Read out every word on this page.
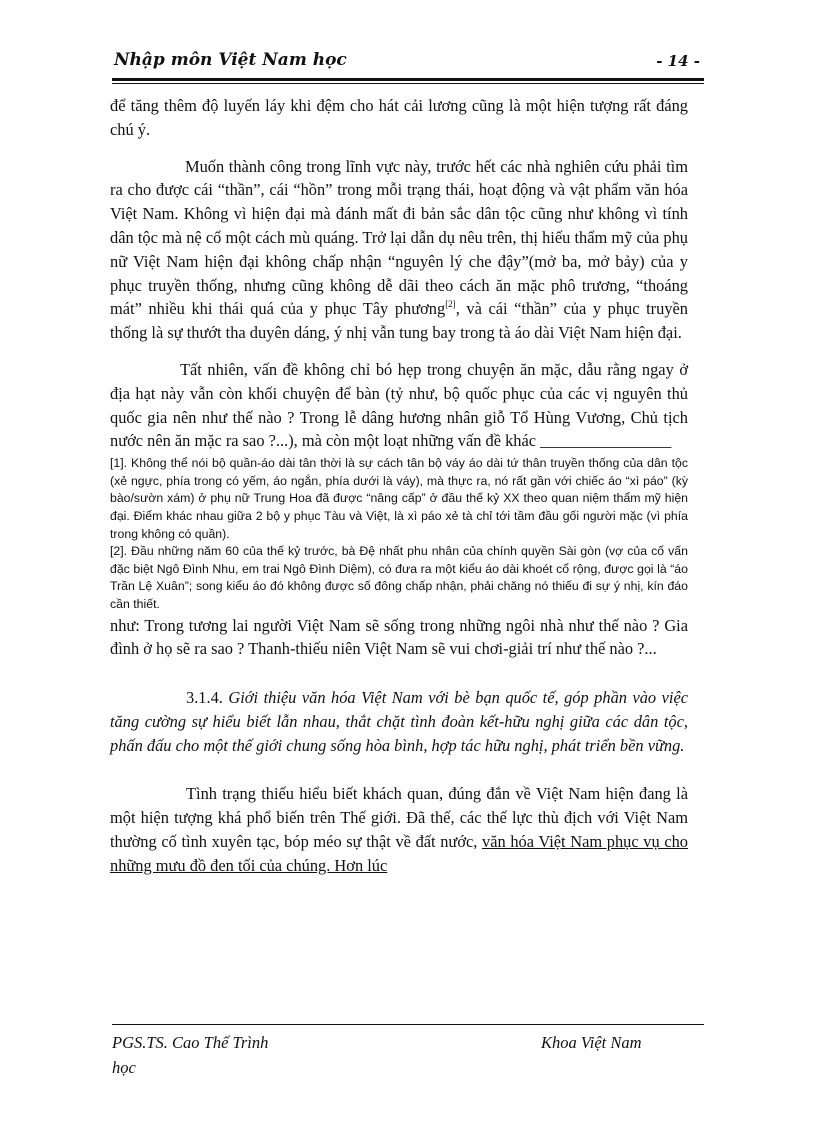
Nhập môn Việt Nam học	- 14 -

để tăng thêm độ luyến láy khi đệm cho hát cải lương cũng là một hiện tượng rất đáng chú ý.

Muốn thành công trong lĩnh vực này, trước hết các nhà nghiên cứu phải tìm ra cho được cái “thần”, cái “hồn” trong mỗi trạng thái, hoạt động và vật phẩm văn hóa Việt Nam. Không vì hiện đại mà đánh mất đi bản sắc dân tộc cũng như không vì tính dân tộc mà nệ cổ một cách mù quáng. Trở lại dẫn dụ nêu trên, thị hiếu thẩm mỹ của phụ nữ Việt Nam hiện đại không chấp nhận “nguyên lý che đậy”(mở ba, mở bảy) của y phục truyền thống, nhưng cũng không dễ dãi theo cách ăn mặc phô trương, “thoáng mát” nhiều khi thái quá của y phục Tây phương[2], và cái “thần” của y phục truyền thống là sự thướt tha duyên dáng, ý nhị vẫn tung bay trong tà áo dài Việt Nam hiện đại.

Tất nhiên, vấn đề không chỉ bó hẹp trong chuyện ăn mặc, dẫu rằng ngay ở địa hạt này vẫn còn khối chuyện để bàn (tỷ như, bộ quốc phục của các vị nguyên thủ quốc gia nên như thế nào ? Trong lễ dâng hương nhân giỗ Tổ Hùng Vương, Chủ tịch nước nên ăn mặc ra sao ?...), mà còn một loạt những vấn đề khác ________________

[1]. Không thể nói bộ quần-áo dài tân thời là sự cách tân bộ váy áo dài tứ thân truyền thống của dân tộc (xẻ ngực, phía trong có yếm, áo ngắn, phía dưới là váy), mà thực ra, nó rất gần với chiếc áo “xì páo” (kỳ bào/sườn xám) ở phụ nữ Trung Hoa đã được “nâng cấp” ở đầu thế kỷ XX theo quan niệm thẩm mỹ hiện đại. Điểm khác nhau giữa 2 bộ y phục Tàu và Việt, là xì páo xẻ tà chỉ tới tầm đầu gối người mặc (vì phía trong không có quần).

[2]. Đầu những năm 60 của thế kỷ trước, bà Đệ nhất phu nhân của chính quyền Sài gòn (vợ của cố vấn đặc biệt Ngô Đình Nhu, em trai Ngô Đình Diệm), có đưa ra một kiểu áo dài khoét cổ rộng, được gọi là “áo Trần Lệ Xuân”; song kiểu áo đó không được số đông chấp nhận, phải chăng nó thiếu đi sự ý nhị, kín đáo cần thiết.

như: Trong tương lai người Việt Nam sẽ sống trong những ngôi nhà như thế nào ? Gia đình ở họ sẽ ra sao ? Thanh-thiếu niên Việt Nam sẽ vui chơi-giải trí như thế nào ?...

3.1.4. Giới thiệu văn hóa Việt Nam với bè bạn quốc tế, góp phần vào việc tăng cường sự hiểu biết lẫn nhau, thắt chặt tình đoàn kết-hữu nghị giữa các dân tộc, phấn đấu cho một thế giới chung sống hòa bình, hợp tác hữu nghị, phát triển bền vững.

Tình trạng thiếu hiểu biết khách quan, đúng đắn về Việt Nam hiện đang là một hiện tượng khá phổ biến trên Thế giới. Đã thế, các thế lực thù địch với Việt Nam thường cố tình xuyên tạc, bóp méo sự thật về đất nước, văn hóa Việt Nam phục vụ cho những mưu đồ đen tối của chúng. Hơn lúc

PGS.TS. Cao Thế Trình
học
Khoa Việt Nam
